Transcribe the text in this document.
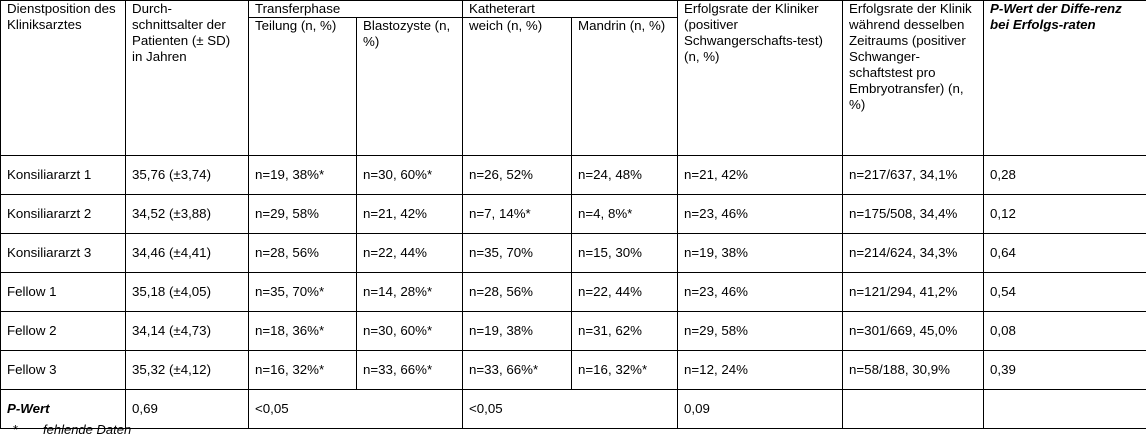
Dienstposition des Kliniksarztes	Durch-schnittsalter der Patienten (± SD) in Jahren	Transferphase		Katheterart		Erfolgsrate der Kliniker (positiver Schwangerschafts-test) (n, %)	Erfolgsrate der Klinik während desselben Zeitraums (positiver Schwanger-schaftstest pro Embryotransfer) (n, %)	P-Wert der Diffe-renz bei Erfolgs-raten
		Teilung (n, %)	Blastozyste (n, %)	weich (n, %)	Mandrin (n, %)			
Konsiliararzt 1	35,76 (±3,74)	n=19, 38%*	n=30, 60%*	n=26, 52%	n=24, 48%	n=21, 42%	n=217/637, 34,1%	0,28
Konsiliararzt 2	34,52 (±3,88)	n=29, 58%	n=21, 42%	n=7, 14%*	n=4, 8%*	n=23, 46%	n=175/508, 34,4%	0,12
Konsiliararzt 3	34,46 (±4,41)	n=28, 56%	n=22, 44%	n=35, 70%	n=15, 30%	n=19, 38%	n=214/624, 34,3%	0,64
Fellow 1	35,18 (±4,05)	n=35, 70%*	n=14, 28%*	n=28, 56%	n=22, 44%	n=23, 46%	n=121/294, 41,2%	0,54
Fellow 2	34,14 (±4,73)	n=18, 36%*	n=30, 60%*	n=19, 38%	n=31, 62%	n=29, 58%	n=301/669, 45,0%	0,08
Fellow 3	35,32 (±4,12)	n=16, 32%*	n=33, 66%*	n=33, 66%*	n=16, 32%*	n=12, 24%	n=58/188, 30,9%	0,39
P-Wert	0,69	<0,05		<0,05		0,09		
* fehlende Daten
